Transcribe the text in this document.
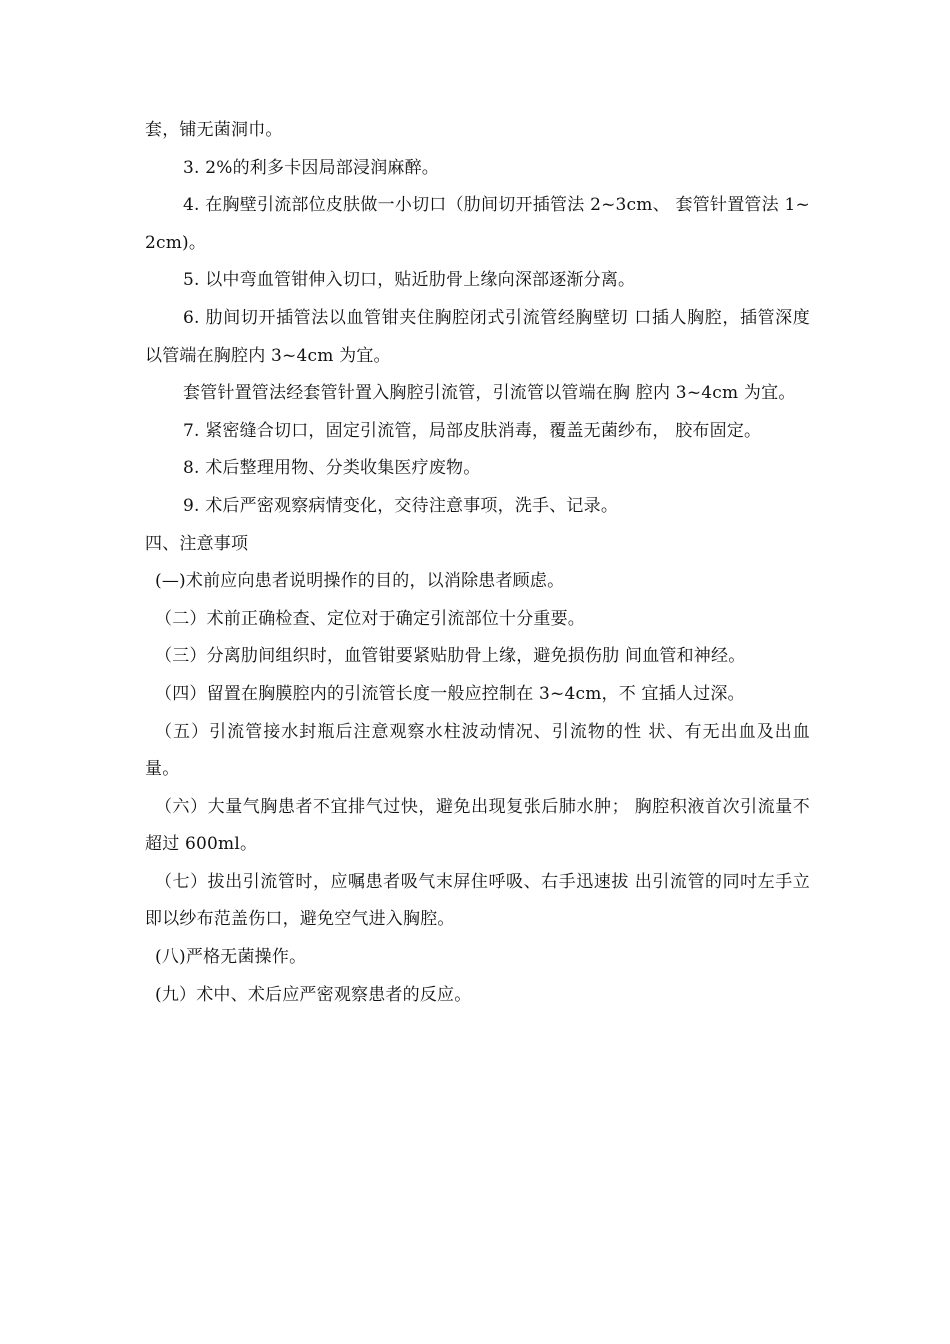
套，铺无菌洞巾。

3. 2%的利多卡因局部浸润麻醉。

4. 在胸壁引流部位皮肤做一小切口（肋间切开插管法 2~3cm、 套管针置管法 1~2cm)。

5. 以中弯血管钳伸入切口，贴近肋骨上缘向深部逐渐分离。

6. 肋间切开插管法以血管钳夹住胸腔闭式引流管经胸壁切 口插人胸腔，插管深度以管端在胸腔内 3~4cm 为宜。

套管针置管法经套管针置入胸腔引流管，引流管以管端在胸 腔内 3~4cm 为宜。

7. 紧密缝合切口，固定引流管，局部皮肤消毒，覆盖无菌纱布， 胶布固定。

8. 术后整理用物、分类收集医疗废物。

9. 术后严密观察病情变化，交待注意事项，洗手、记录。

四、注意事项

(—)术前应向患者说明操作的目的，以消除患者顾虑。

（二）术前正确检查、定位对于确定引流部位十分重要。

（三）分离肋间组织时，血管钳要紧贴肋骨上缘，避免损伤肋 间血管和神经。

（四）留置在胸膜腔内的引流管长度一般应控制在 3~4cm，不 宜插人过深。

（五）引流管接水封瓶后注意观察水柱波动情况、引流物的性 状、有无出血及出血量。

（六）大量气胸患者不宜排气过快，避免出现复张后肺水肿； 胸腔积液首次引流量不超过 600ml。

（七）拔出引流管时，应嘱患者吸气末屏住呼吸、右手迅速拔 出引流管的同吋左手立即以纱布范盖伤口，避免空气进入胸腔。

(八)严格无菌操作。

(九）术中、术后应严密观察患者的反应。
